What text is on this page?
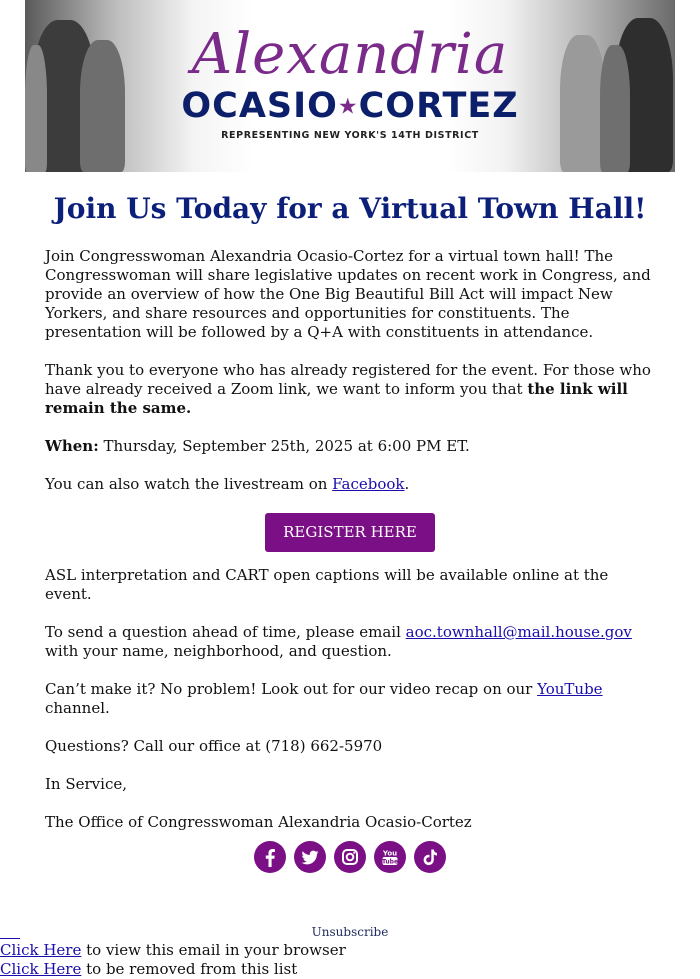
Alexandria
OCASIO★CORTEZ
REPRESENTING NEW YORK'S 14TH DISTRICT
Join Us Today for a Virtual Town Hall!

Join Congresswoman Alexandria Ocasio-Cortez for a virtual town hall! The Congresswoman will share legislative updates on recent work in Congress, and provide an overview of how the One Big Beautiful Bill Act will impact New Yorkers, and share resources and opportunities for constituents. The presentation will be followed by a Q+A with constituents in attendance.

Thank you to everyone who has already registered for the event. For those who have already received a Zoom link, we want to inform you that the link will remain the same.

When: Thursday, September 25th, 2025 at 6:00 PM ET.

You can also watch the livestream on Facebook.

REGISTER HERE

ASL interpretation and CART open captions will be available online at the event.

To send a question ahead of time, please email aoc.townhall@mail.house.gov with your name, neighborhood, and question.

Can’t make it? No problem! Look out for our video recap on our YouTube channel.

Questions? Call our office at (718) 662-5970

In Service,

The Office of Congresswoman Alexandria Ocasio-Cortez

You
Tube

Unsubscribe
Click Here to view this email in your browser
Click Here to be removed from this list
